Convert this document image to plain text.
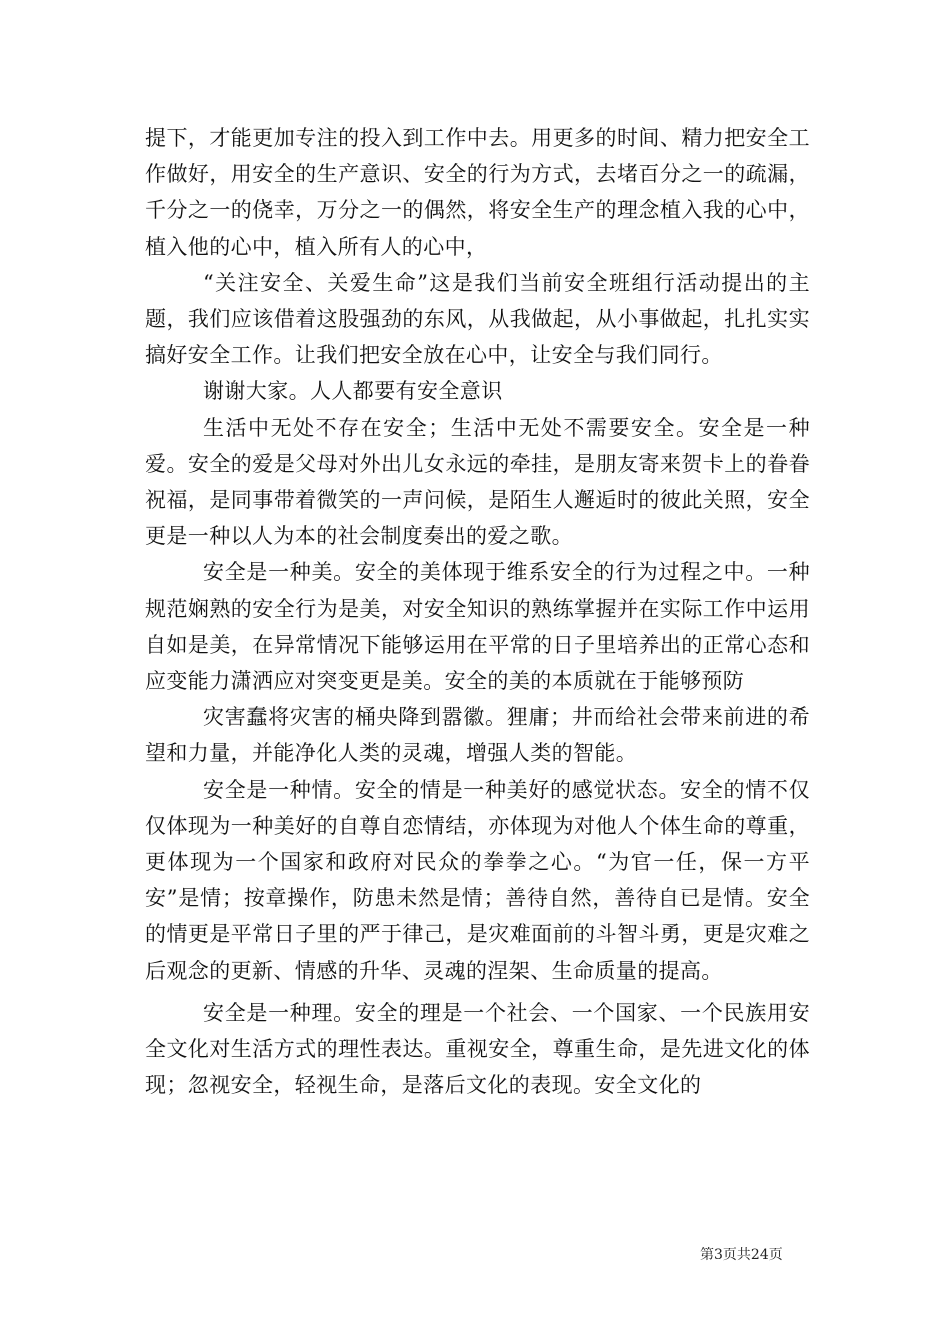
提下，才能更加专注的投入到工作中去。用更多的时间、精力把安全工作做好，用安全的生产意识、安全的行为方式，去堵百分之一的疏漏，千分之一的侥幸，万分之一的偶然，将安全生产的理念植入我的心中，植入他的心中，植入所有人的心中，

“关注安全、关爱生命”这是我们当前安全班组行活动提出的主题，我们应该借着这股强劲的东风，从我做起，从小事做起，扎扎实实搞好安全工作。让我们把安全放在心中，让安全与我们同行。

谢谢大家。人人都要有安全意识

生活中无处不存在安全；生活中无处不需要安全。安全是一种爱。安全的爱是父母对外出儿女永远的牵挂，是朋友寄来贺卡上的眷眷祝福，是同事带着微笑的一声问候，是陌生人邂逅时的彼此关照，安全更是一种以人为本的社会制度奏出的爱之歌。

安全是一种美。安全的美体现于维系安全的行为过程之中。一种规范娴熟的安全行为是美，对安全知识的熟练掌握并在实际工作中运用自如是美，在异常情况下能够运用在平常的日子里培养出的正常心态和应变能力潇洒应对突变更是美。安全的美的本质就在于能够预防

灾害蠢将灾害的桶央降到嚣徽。狸庸；井而给社会带来前进的希望和力量，并能净化人类的灵魂，增强人类的智能。

安全是一种情。安全的情是一种美好的感觉状态。安全的情不仅仅体现为一种美好的自尊自恋情结，亦体现为对他人个体生命的尊重，更体现为一个国家和政府对民众的拳拳之心。“为官一任，保一方平安”是情；按章操作，防患未然是情；善待自然，善待自已是情。安全的情更是平常日子里的严于律己，是灾难面前的斗智斗勇，更是灾难之后观念的更新、情感的升华、灵魂的涅架、生命质量的提高。

安全是一种理。安全的理是一个社会、一个国家、一个民族用安全文化对生活方式的理性表达。重视安全，尊重生命，是先进文化的体现；忽视安全，轻视生命，是落后文化的表现。安全文化的

第3页共24页
